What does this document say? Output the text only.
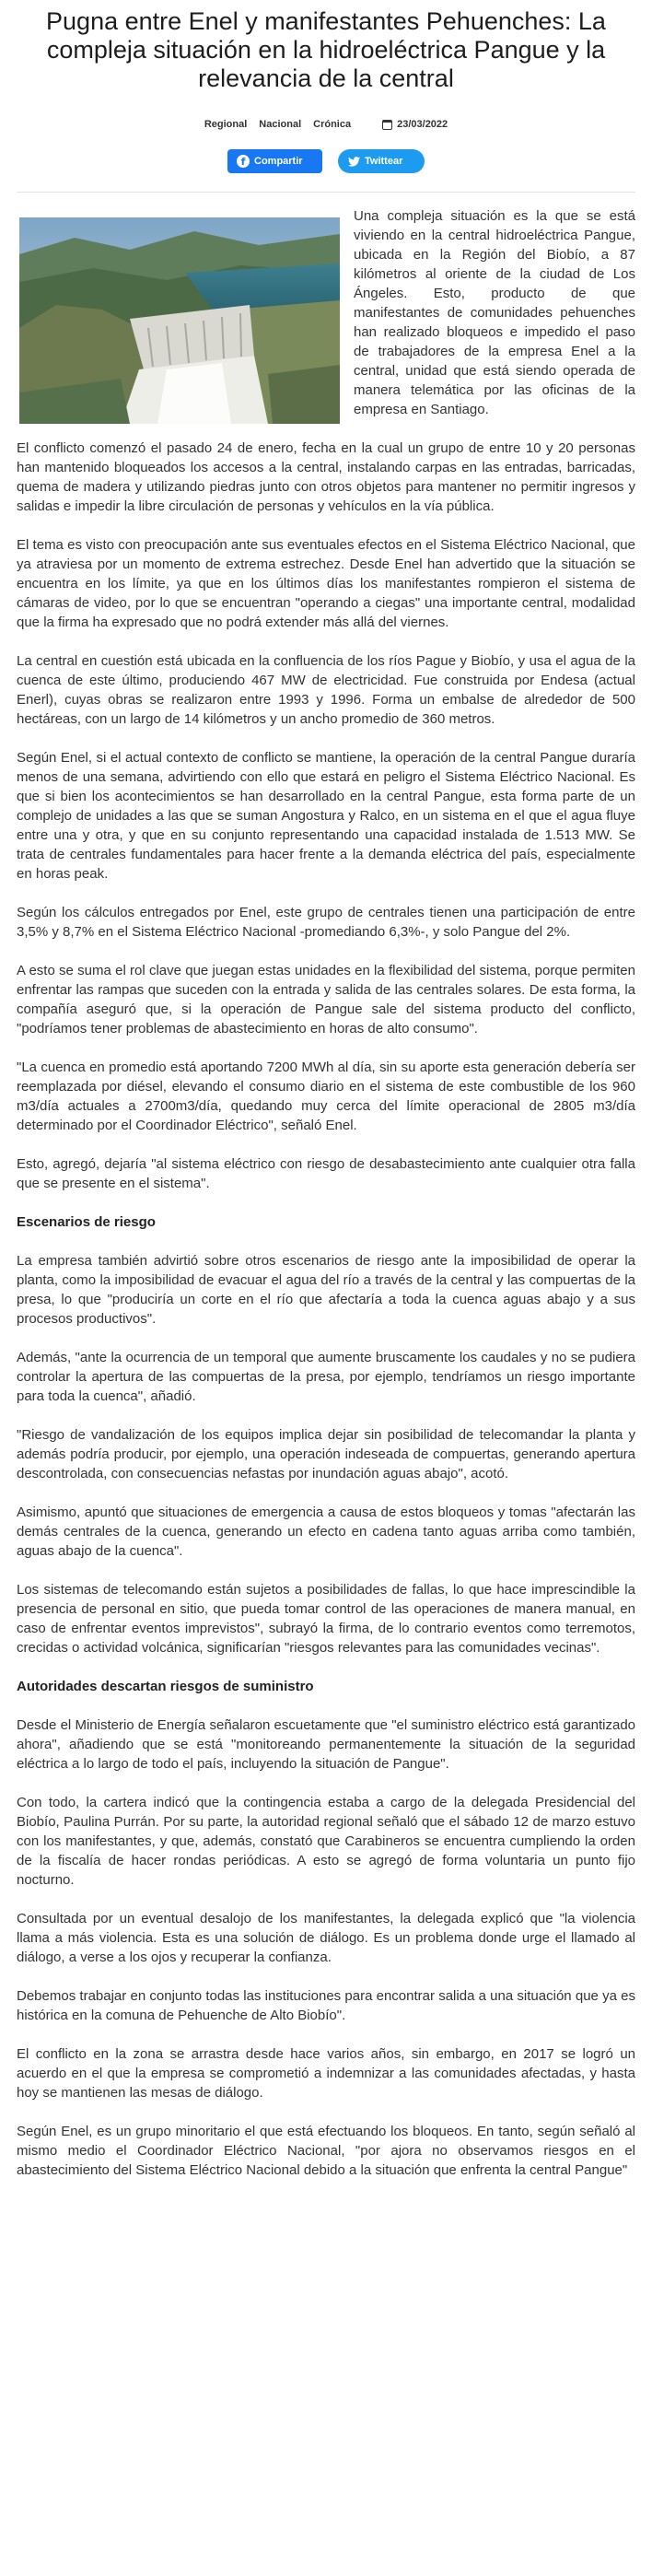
Pugna entre Enel y manifestantes Pehuenches: La compleja situación en la hidroeléctrica Pangue y la relevancia de la central
Regional Nacional Crónica	23/03/2022
f Compartir	Twittear

Una compleja situación es la que se está viviendo en la central hidroeléctrica Pangue, ubicada en la Región del Biobío, a 87 kilómetros al oriente de la ciudad de Los Ángeles. Esto, producto de que manifestantes de comunidades pehuenches han realizado bloqueos e impedido el paso de trabajadores de la empresa Enel a la central, unidad que está siendo operada de manera telemática por las oficinas de la empresa en Santiago.

El conflicto comenzó el pasado 24 de enero, fecha en la cual un grupo de entre 10 y 20 personas han mantenido bloqueados los accesos a la central, instalando carpas en las entradas, barricadas, quema de madera y utilizando piedras junto con otros objetos para mantener no permitir ingresos y salidas e impedir la libre circulación de personas y vehículos en la vía pública.

El tema es visto con preocupación ante sus eventuales efectos en el Sistema Eléctrico Nacional, que ya atraviesa por un momento de extrema estrechez. Desde Enel han advertido que la situación se encuentra en los límite, ya que en los últimos días los manifestantes rompieron el sistema de cámaras de video, por lo que se encuentran "operando a ciegas" una importante central, modalidad que la firma ha expresado que no podrá extender más allá del viernes.

La central en cuestión está ubicada en la confluencia de los ríos Pague y Biobío, y usa el agua de la cuenca de este último, produciendo 467 MW de electricidad. Fue construida por Endesa (actual Enerl), cuyas obras se realizaron entre 1993 y 1996. Forma un embalse de alrededor de 500 hectáreas, con un largo de 14 kilómetros y un ancho promedio de 360 metros.

Según Enel, si el actual contexto de conflicto se mantiene, la operación de la central Pangue duraría menos de una semana, advirtiendo con ello que estará en peligro el Sistema Eléctrico Nacional. Es que si bien los acontecimientos se han desarrollado en la central Pangue, esta forma parte de un complejo de unidades a las que se suman Angostura y Ralco, en un sistema en el que el agua fluye entre una y otra, y que en su conjunto representando una capacidad instalada de 1.513 MW. Se trata de centrales fundamentales para hacer frente a la demanda eléctrica del país, especialmente en horas peak.

Según los cálculos entregados por Enel, este grupo de centrales tienen una participación de entre 3,5% y 8,7% en el Sistema Eléctrico Nacional -promediando 6,3%-, y solo Pangue del 2%.

A esto se suma el rol clave que juegan estas unidades en la flexibilidad del sistema, porque permiten enfrentar las rampas que suceden con la entrada y salida de las centrales solares. De esta forma, la compañía aseguró que, si la operación de Pangue sale del sistema producto del conflicto, "podríamos tener problemas de abastecimiento en horas de alto consumo".

"La cuenca en promedio está aportando 7200 MWh al día, sin su aporte esta generación debería ser reemplazada por diésel, elevando el consumo diario en el sistema de este combustible de los 960 m3/día actuales a 2700m3/día, quedando muy cerca del límite operacional de 2805 m3/día determinado por el Coordinador Eléctrico", señaló Enel.

Esto, agregó, dejaría "al sistema eléctrico con riesgo de desabastecimiento ante cualquier otra falla que se presente en el sistema".

Escenarios de riesgo

La empresa también advirtió sobre otros escenarios de riesgo ante la imposibilidad de operar la planta, como la imposibilidad de evacuar el agua del río a través de la central y las compuertas de la presa, lo que "produciría un corte en el río que afectaría a toda la cuenca aguas abajo y a sus procesos productivos".

Además, "ante la ocurrencia de un temporal que aumente bruscamente los caudales y no se pudiera controlar la apertura de las compuertas de la presa, por ejemplo, tendríamos un riesgo importante para toda la cuenca", añadió.

"Riesgo de vandalización de los equipos implica dejar sin posibilidad de telecomandar la planta y además podría producir, por ejemplo, una operación indeseada de compuertas, generando apertura descontrolada, con consecuencias nefastas por inundación aguas abajo", acotó.

Asimismo, apuntó que situaciones de emergencia a causa de estos bloqueos y tomas "afectarán las demás centrales de la cuenca, generando un efecto en cadena tanto aguas arriba como también, aguas abajo de la cuenca".

Los sistemas de telecomando están sujetos a posibilidades de fallas, lo que hace imprescindible la presencia de personal en sitio, que pueda tomar control de las operaciones de manera manual, en caso de enfrentar eventos imprevistos", subrayó la firma, de lo contrario eventos como terremotos, crecidas o actividad volcánica, significarían "riesgos relevantes para las comunidades vecinas".

Autoridades descartan riesgos de suministro

Desde el Ministerio de Energía señalaron escuetamente que "el suministro eléctrico está garantizado ahora", añadiendo que se está "monitoreando permanentemente la situación de la seguridad eléctrica a lo largo de todo el país, incluyendo la situación de Pangue".

Con todo, la cartera indicó que la contingencia estaba a cargo de la delegada Presidencial del Biobío, Paulina Purrán. Por su parte, la autoridad regional señaló que el sábado 12 de marzo estuvo con los manifestantes, y que, además, constató que Carabineros se encuentra cumpliendo la orden de la fiscalía de hacer rondas periódicas. A esto se agregó de forma voluntaria un punto fijo nocturno.

Consultada por un eventual desalojo de los manifestantes, la delegada explicó que "la violencia llama a más violencia. Esta es una solución de diálogo. Es un problema donde urge el llamado al diálogo, a verse a los ojos y recuperar la confianza.

Debemos trabajar en conjunto todas las instituciones para encontrar salida a una situación que ya es histórica en la comuna de Pehuenche de Alto Biobío".

El conflicto en la zona se arrastra desde hace varios años, sin embargo, en 2017 se logró un acuerdo en el que la empresa se comprometió a indemnizar a las comunidades afectadas, y hasta hoy se mantienen las mesas de diálogo.

Según Enel, es un grupo minoritario el que está efectuando los bloqueos. En tanto, según señaló al mismo medio el Coordinador Eléctrico Nacional, "por ajora no observamos riesgos en el abastecimiento del Sistema Eléctrico Nacional debido a la situación que enfrenta la central Pangue"
